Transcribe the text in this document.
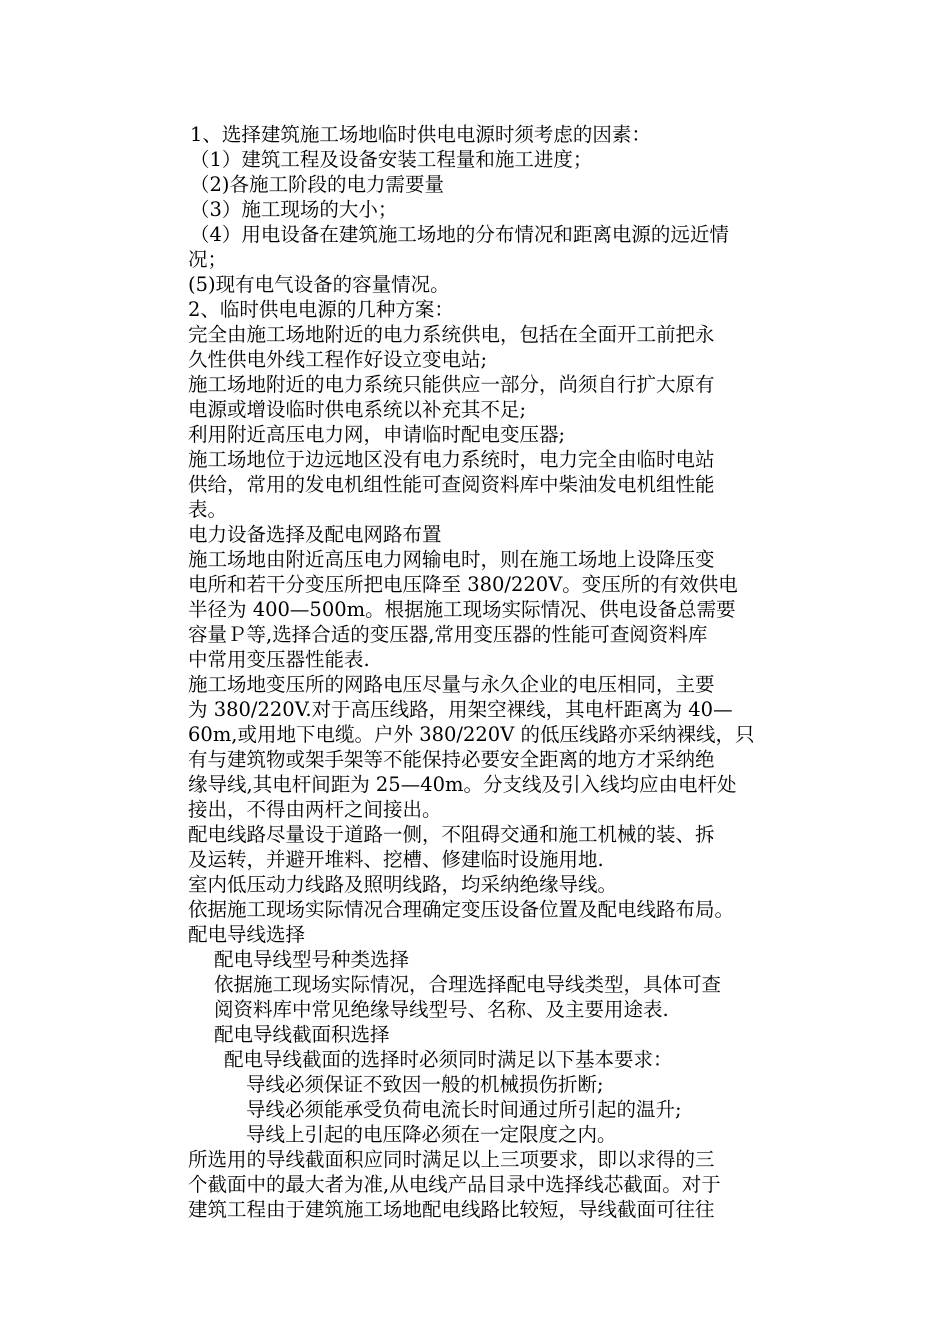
1、选择建筑施工场地临时供电电源时须考虑的因素：
（1）建筑工程及设备安装工程量和施工进度；
（2)各施工阶段的电力需要量
（3）施工现场的大小；
（4）用电设备在建筑施工场地的分布情况和距离电源的远近情
况；
(5)现有电气设备的容量情况。
2、临时供电电源的几种方案：
完全由施工场地附近的电力系统供电，包括在全面开工前把永
久性供电外线工程作好设立变电站;
施工场地附近的电力系统只能供应一部分，尚须自行扩大原有
电源或增设临时供电系统以补充其不足;
利用附近高压电力网，申请临时配电变压器;
施工场地位于边远地区没有电力系统时，电力完全由临时电站
供给，常用的发电机组性能可查阅资料库中柴油发电机组性能
表。
电力设备选择及配电网路布置
施工场地由附近高压电力网输电时，则在施工场地上设降压变
电所和若干分变压所把电压降至 380/220V。变压所的有效供电
半径为 400—500m。根据施工现场实际情况、供电设备总需要
容量Ｐ等,选择合适的变压器,常用变压器的性能可查阅资料库
中常用变压器性能表.
施工场地变压所的网路电压尽量与永久企业的电压相同，主要
为 380/220V.对于高压线路，用架空裸线，其电杆距离为 40—
60m,或用地下电缆。户外 380/220V 的低压线路亦采纳裸线，只
有与建筑物或架手架等不能保持必要安全距离的地方才采纳绝
缘导线,其电杆间距为 25—40m。分支线及引入线均应由电杆处
接出，不得由两杆之间接出。
配电线路尽量设于道路一侧，不阻碍交通和施工机械的装、拆
及运转，并避开堆料、挖槽、修建临时设施用地.
室内低压动力线路及照明线路，均采纳绝缘导线。
依据施工现场实际情况合理确定变压设备位置及配电线路布局。
配电导线选择
配电导线型号种类选择
依据施工现场实际情况，合理选择配电导线类型，具体可查
阅资料库中常见绝缘导线型号、名称、及主要用途表.
配电导线截面积选择
配电导线截面的选择时必须同时满足以下基本要求：
导线必须保证不致因一般的机械损伤折断;
导线必须能承受负荷电流长时间通过所引起的温升;
导线上引起的电压降必须在一定限度之内。
所选用的导线截面积应同时满足以上三项要求，即以求得的三
个截面中的最大者为准,从电线产品目录中选择线芯截面。对于
建筑工程由于建筑施工场地配电线路比较短，导线截面可往往
